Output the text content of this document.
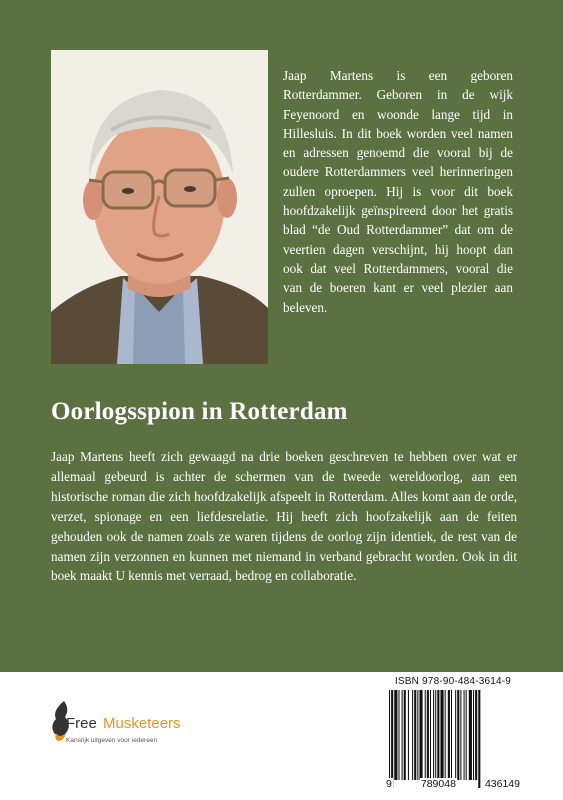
Jaap Martens is een geboren Rotterdammer. Geboren in de wijk Feyenoord en woonde lange tijd in Hillesluis. In dit boek worden veel namen en adressen genoemd die vooral bij de oudere Rotterdammers veel herinneringen zullen oproepen. Hij is voor dit boek hoofdzakelijk geïnspireerd door het gratis blad “de Oud Rotterdammer” dat om de veertien dagen verschijnt, hij hoopt dan ook dat veel Rotterdammers, vooral die van de boeren kant er veel plezier aan beleven.
Oorlogsspion in Rotterdam
Jaap Martens heeft zich gewaagd na drie boeken geschreven te hebben over wat er allemaal gebeurd is achter de schermen van de tweede wereldoorlog, aan een historische roman die zich hoofdzakelijk afspeelt in Rotterdam. Alles komt aan de orde, verzet, spionage en een liefdesrelatie. Hij heeft zich hoofzakelijk aan de feiten gehouden ook de namen zoals ze waren tijdens de oorlog zijn identiek, de rest van de namen zijn verzonnen en kunnen met niemand in verband gebracht worden. Ook in dit boek maakt U kennis met verraad, bedrog en collaboratie.
Free Musketeers
Kansrijk uitgeven voor iedereen
ISBN 978-90-484-3614-9
9	789048	436149
